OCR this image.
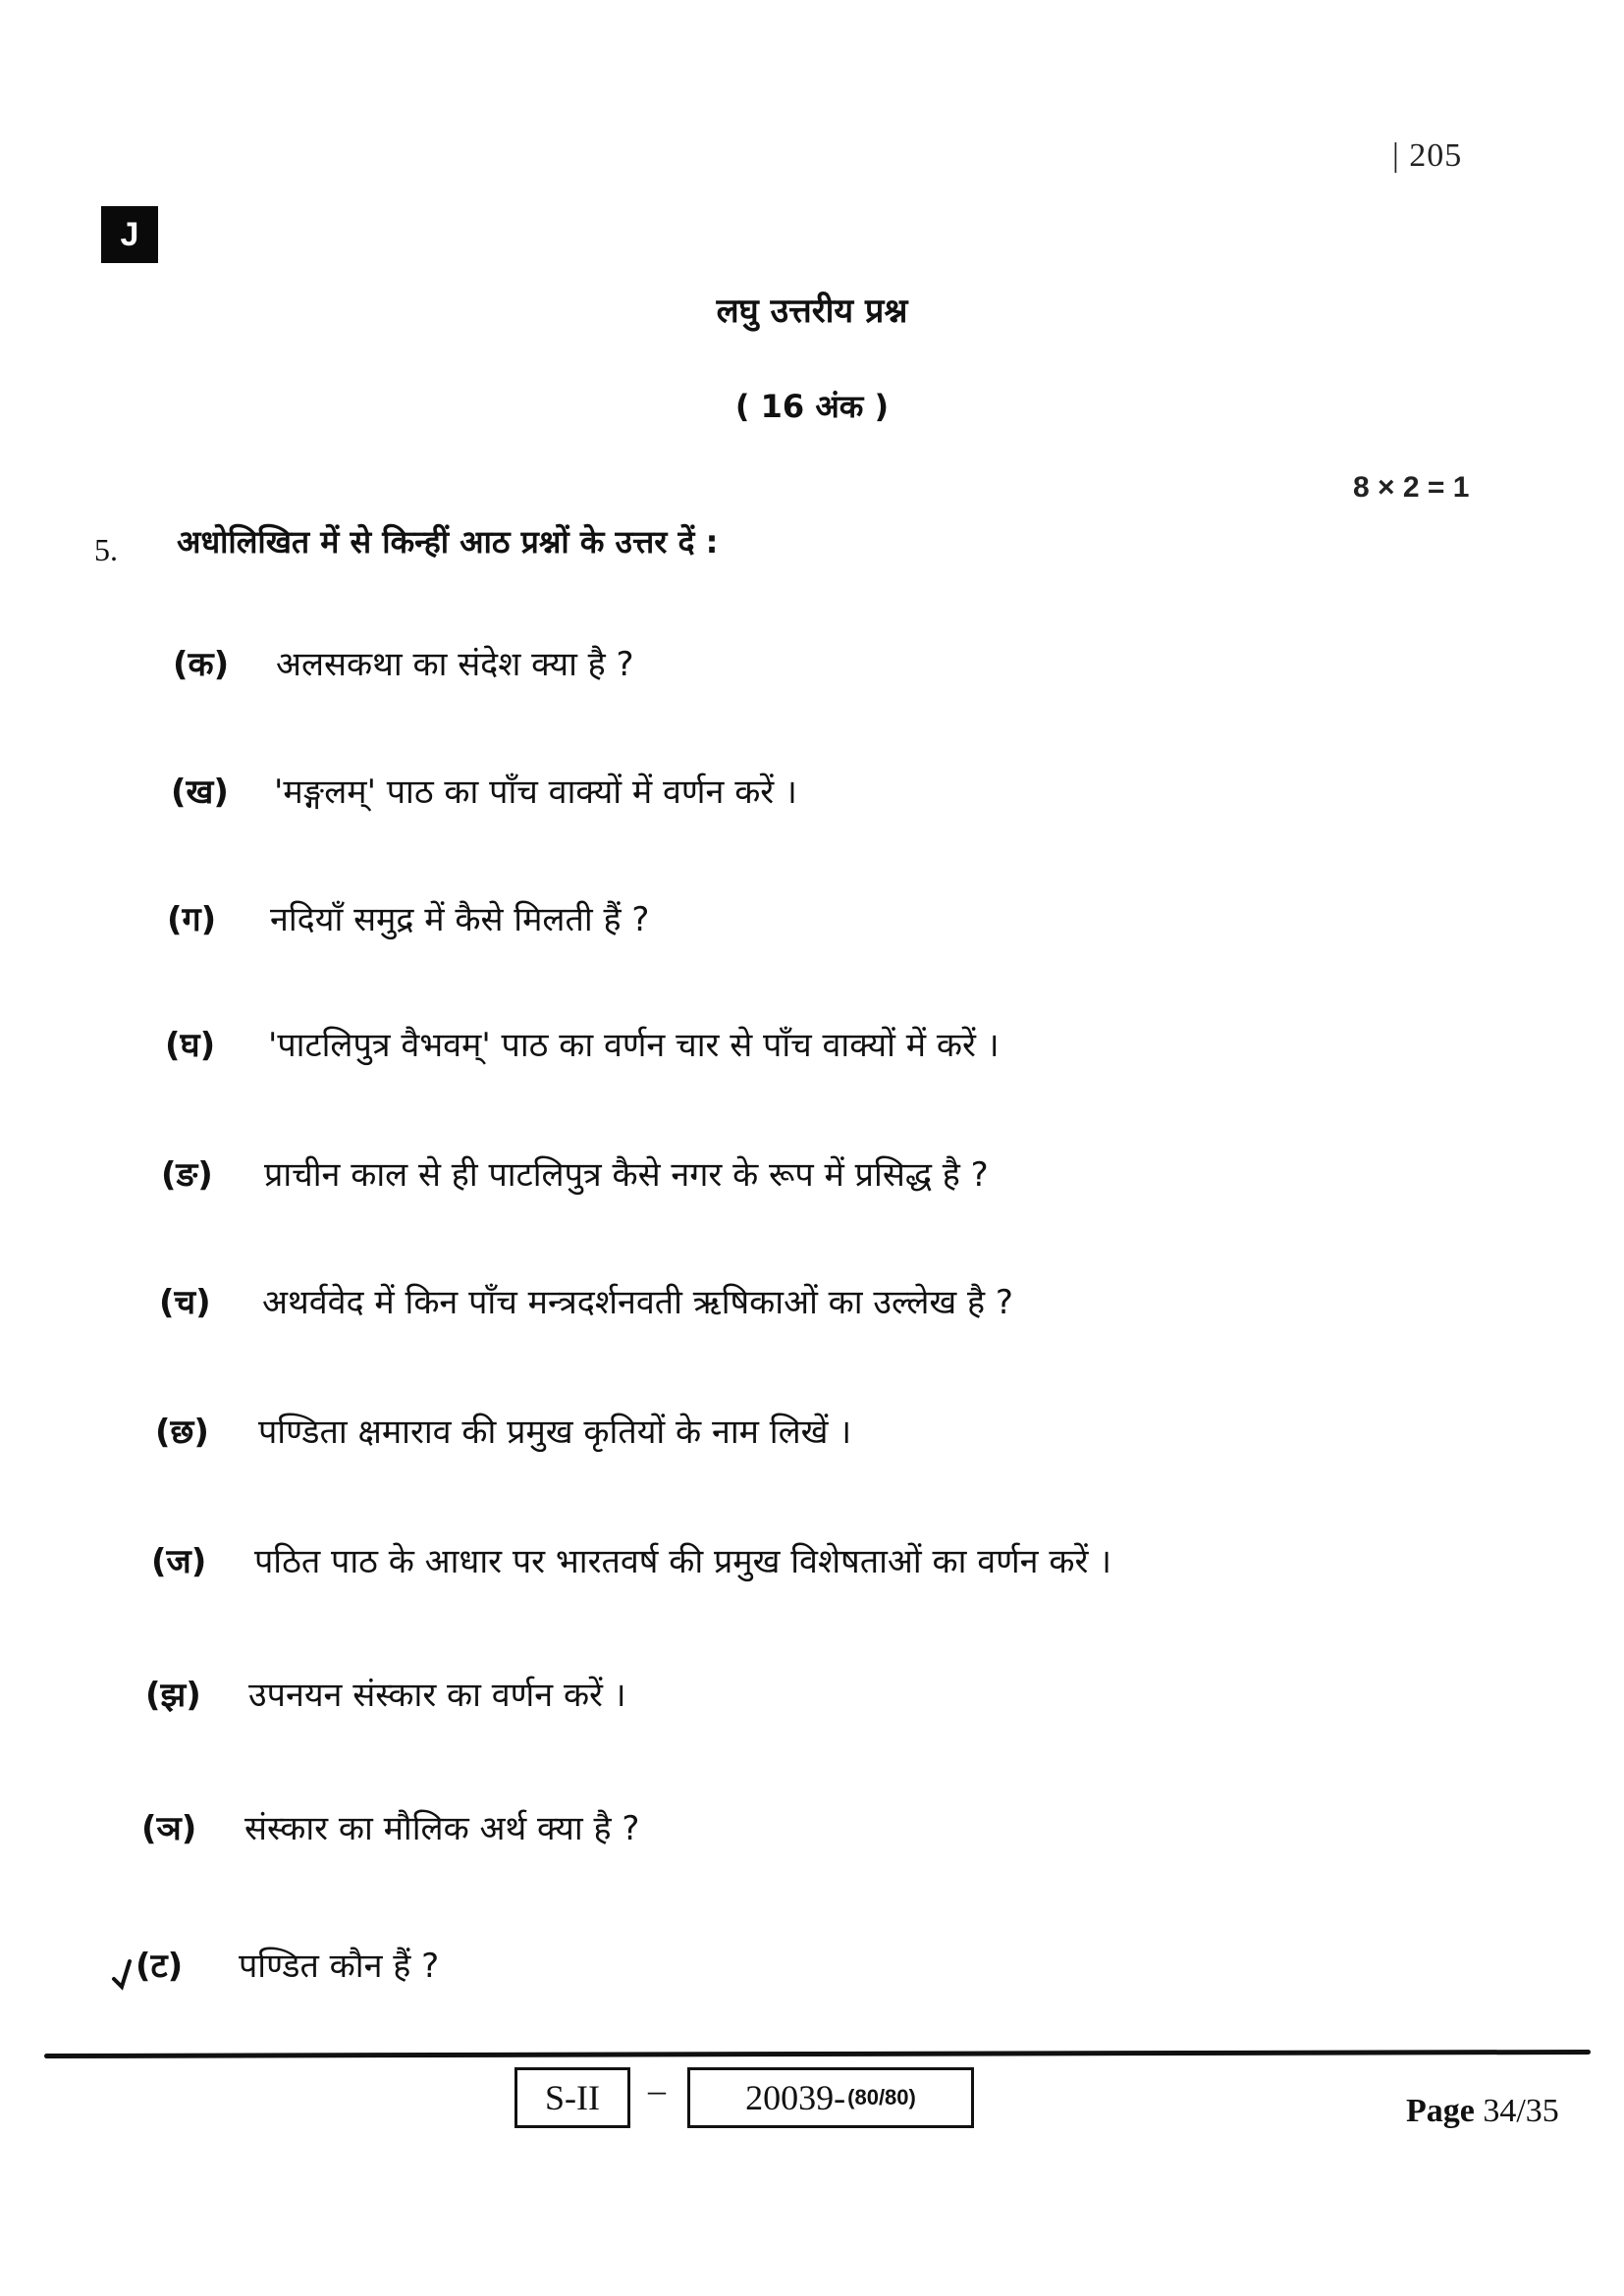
| 205
J
लघु उत्तरीय प्रश्न
( 16 अंक )
8 × 2 = 1
5. अधोलिखित में से किन्हीं आठ प्रश्नों के उत्तर दें :
(क)	अलसकथा का संदेश क्या है ?
(ख)	'मङ्गलम्' पाठ का पाँच वाक्यों में वर्णन करें ।
(ग)	नदियाँ समुद्र में कैसे मिलती हैं ?
(घ)	'पाटलिपुत्र वैभवम्' पाठ का वर्णन चार से पाँच वाक्यों में करें ।
(ङ)	प्राचीन काल से ही पाटलिपुत्र कैसे नगर के रूप में प्रसिद्ध है ?
(च)	अथर्ववेद में किन पाँच मन्त्रदर्शनवती ऋषिकाओं का उल्लेख है ?
(छ)	पण्डिता क्षमाराव की प्रमुख कृतियों के नाम लिखें ।
(ज)	पठित पाठ के आधार पर भारतवर्ष की प्रमुख विशेषताओं का वर्णन करें ।
(झ)	उपनयन संस्कार का वर्णन करें ।
(ञ)	संस्कार का मौलिक अर्थ क्या है ?
(ट)	पण्डित कौन हैं ?
S-II – 20039- (80/80)	Page 34/35
